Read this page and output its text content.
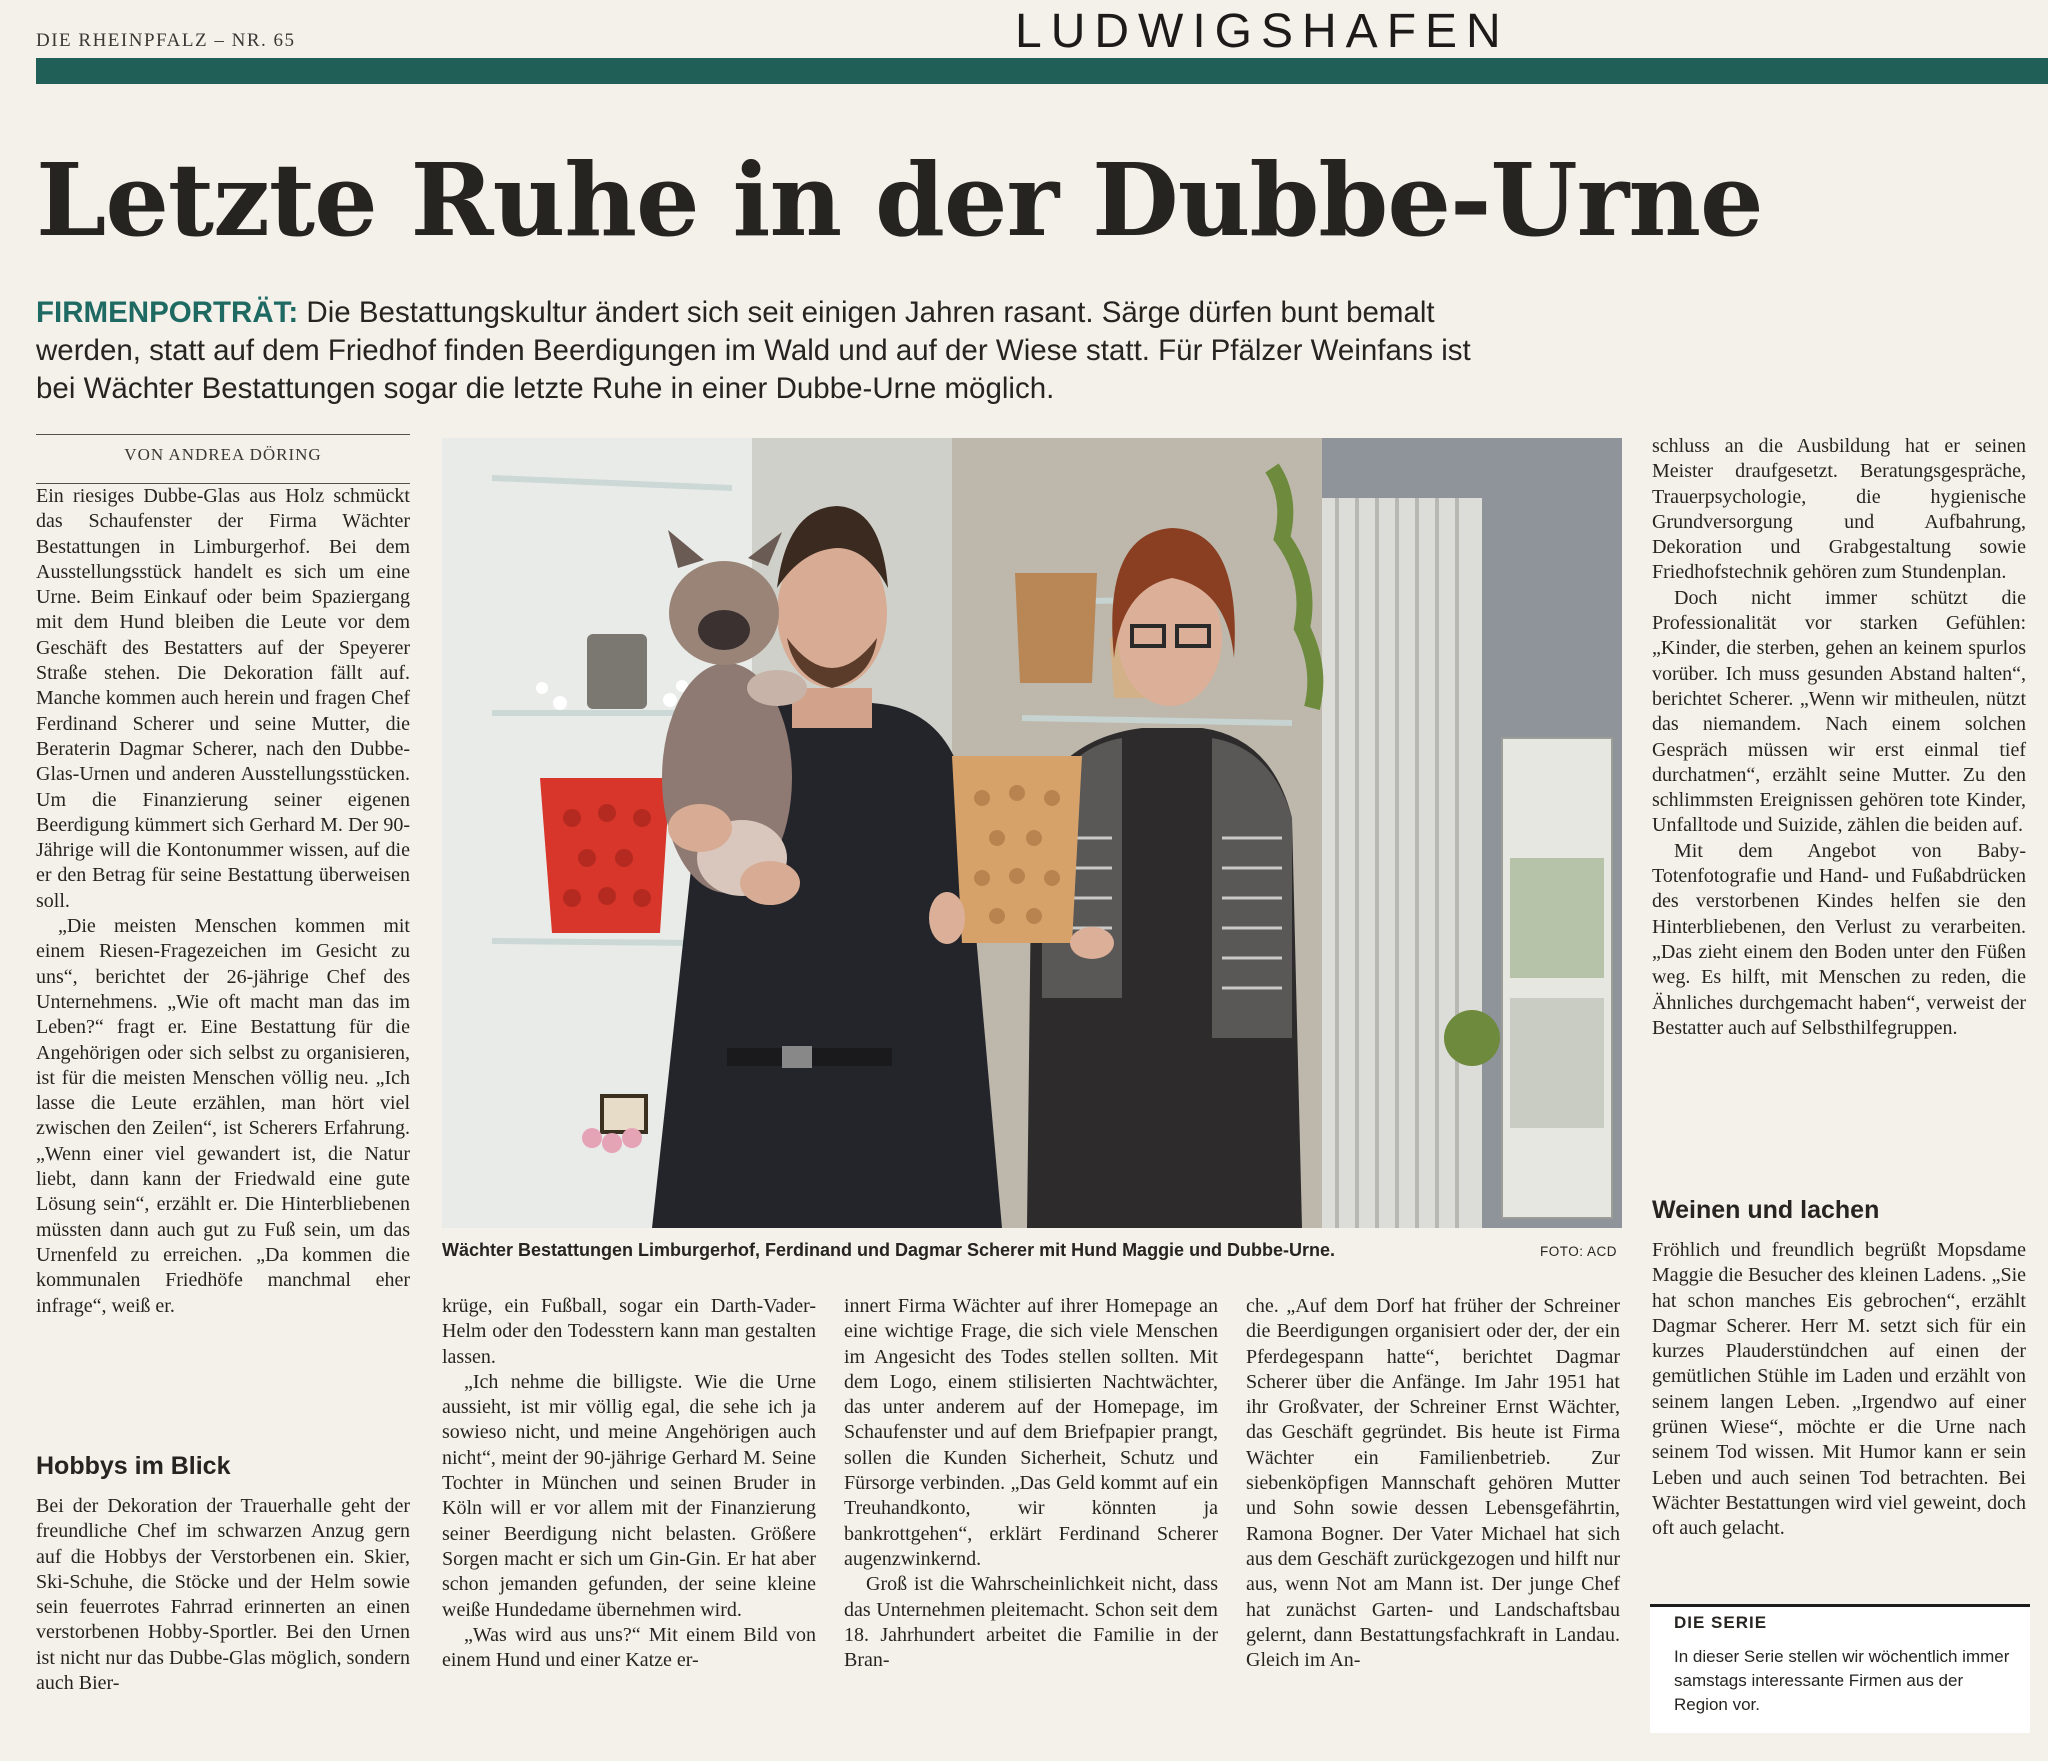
DIE RHEINPFALZ – NR. 65	LUDWIGSHAFEN
Letzte Ruhe in der Dubbe-Urne

FIRMENPORTRÄT: Die Bestattungskultur ändert sich seit einigen Jahren rasant. Särge dürfen bunt bemalt werden, statt auf dem Friedhof finden Beerdigungen im Wald und auf der Wiese statt. Für Pfälzer Weinfans ist bei Wächter Bestattungen sogar die letzte Ruhe in einer Dubbe-Urne möglich.

VON ANDREA DÖRING

Ein riesiges Dubbe-Glas aus Holz schmückt das Schaufenster der Firma Wächter Bestattungen in Limburgerhof. Bei dem Ausstellungsstück handelt es sich um eine Urne. Beim Einkauf oder beim Spaziergang mit dem Hund bleiben die Leute vor dem Geschäft des Bestatters auf der Speyerer Straße stehen. Die Dekoration fällt auf. Manche kommen auch herein und fragen Chef Ferdinand Scherer und seine Mutter, die Beraterin Dagmar Scherer, nach den Dubbe-Glas-Urnen und anderen Ausstellungsstücken. Um die Finanzierung seiner eigenen Beerdigung kümmert sich Gerhard M. Der 90-Jährige will die Kontonummer wissen, auf die er den Betrag für seine Bestattung überweisen soll.

„Die meisten Menschen kommen mit einem Riesen-Fragezeichen im Gesicht zu uns“, berichtet der 26-jährige Chef des Unternehmens. „Wie oft macht man das im Leben?“ fragt er. Eine Bestattung für die Angehörigen oder sich selbst zu organisieren, ist für die meisten Menschen völlig neu. „Ich lasse die Leute erzählen, man hört viel zwischen den Zeilen“, ist Scherers Erfahrung. „Wenn einer viel gewandert ist, die Natur liebt, dann kann der Friedwald eine gute Lösung sein“, erzählt er. Die Hinterbliebenen müssten dann auch gut zu Fuß sein, um das Urnenfeld zu erreichen. „Da kommen die kommunalen Friedhöfe manchmal eher infrage“, weiß er.

Hobbys im Blick

Bei der Dekoration der Trauerhalle geht der freundliche Chef im schwarzen Anzug gern auf die Hobbys der Verstorbenen ein. Skier, Ski-Schuhe, die Stöcke und der Helm sowie sein feuerrotes Fahrrad erinnerten an einen verstorbenen Hobby-Sportler. Bei den Urnen ist nicht nur das Dubbe-Glas möglich, sondern auch Bier-

Wächter Bestattungen Limburgerhof, Ferdinand und Dagmar Scherer mit Hund Maggie und Dubbe-Urne.	FOTO: ACD

krüge, ein Fußball, sogar ein Darth-Vader-Helm oder den Todesstern kann man gestalten lassen.

„Ich nehme die billigste. Wie die Urne aussieht, ist mir völlig egal, die sehe ich ja sowieso nicht, und meine Angehörigen auch nicht“, meint der 90-jährige Gerhard M. Seine Tochter in München und seinen Bruder in Köln will er vor allem mit der Finanzierung seiner Beerdigung nicht belasten. Größere Sorgen macht er sich um Gin-Gin. Er hat aber schon jemanden gefunden, der seine kleine weiße Hundedame übernehmen wird.

„Was wird aus uns?“ Mit einem Bild von einem Hund und einer Katze er-

innert Firma Wächter auf ihrer Homepage an eine wichtige Frage, die sich viele Menschen im Angesicht des Todes stellen sollten. Mit dem Logo, einem stilisierten Nachtwächter, das unter anderem auf der Homepage, im Schaufenster und auf dem Briefpapier prangt, sollen die Kunden Sicherheit, Schutz und Fürsorge verbinden. „Das Geld kommt auf ein Treuhandkonto, wir könnten ja bankrottgehen“, erklärt Ferdinand Scherer augenzwinkernd.

Groß ist die Wahrscheinlichkeit nicht, dass das Unternehmen pleitemacht. Schon seit dem 18. Jahrhundert arbeitet die Familie in der Bran-

che. „Auf dem Dorf hat früher der Schreiner die Beerdigungen organisiert oder der, der ein Pferdegespann hatte“, berichtet Dagmar Scherer über die Anfänge. Im Jahr 1951 hat ihr Großvater, der Schreiner Ernst Wächter, das Geschäft gegründet. Bis heute ist Firma Wächter ein Familienbetrieb. Zur siebenköpfigen Mannschaft gehören Mutter und Sohn sowie dessen Lebensgefährtin, Ramona Bogner. Der Vater Michael hat sich aus dem Geschäft zurückgezogen und hilft nur aus, wenn Not am Mann ist. Der junge Chef hat zunächst Garten- und Landschaftsbau gelernt, dann Bestattungsfachkraft in Landau. Gleich im An-

schluss an die Ausbildung hat er seinen Meister draufgesetzt. Beratungsgespräche, Trauerpsychologie, die hygienische Grundversorgung und Aufbahrung, Dekoration und Grabgestaltung sowie Friedhofstechnik gehören zum Stundenplan.

Doch nicht immer schützt die Professionalität vor starken Gefühlen: „Kinder, die sterben, gehen an keinem spurlos vorüber. Ich muss gesunden Abstand halten“, berichtet Scherer. „Wenn wir mitheulen, nützt das niemandem. Nach einem solchen Gespräch müssen wir erst einmal tief durchatmen“, erzählt seine Mutter. Zu den schlimmsten Ereignissen gehören tote Kinder, Unfalltode und Suizide, zählen die beiden auf.

Mit dem Angebot von Baby-Totenfotografie und Hand- und Fußabdrücken des verstorbenen Kindes helfen sie den Hinterbliebenen, den Verlust zu verarbeiten. „Das zieht einem den Boden unter den Füßen weg. Es hilft, mit Menschen zu reden, die Ähnliches durchgemacht haben“, verweist der Bestatter auch auf Selbsthilfegruppen.

Weinen und lachen

Fröhlich und freundlich begrüßt Mopsdame Maggie die Besucher des kleinen Ladens. „Sie hat schon manches Eis gebrochen“, erzählt Dagmar Scherer. Herr M. setzt sich für ein kurzes Plauderstündchen auf einen der gemütlichen Stühle im Laden und erzählt von seinem langen Leben. „Irgendwo auf einer grünen Wiese“, möchte er die Urne nach seinem Tod wissen. Mit Humor kann er sein Leben und auch seinen Tod betrachten. Bei Wächter Bestattungen wird viel geweint, doch oft auch gelacht.

DIE SERIE

In dieser Serie stellen wir wöchentlich immer samstags interessante Firmen aus der Region vor.
